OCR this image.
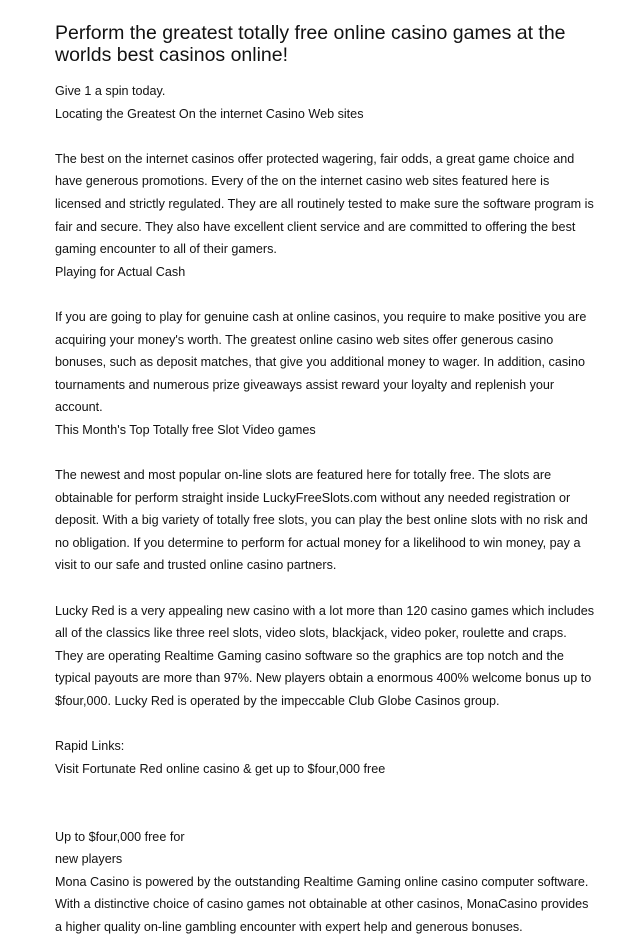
Perform the greatest totally free online casino games at the worlds best casinos online!

Give 1 a spin today.

Locating the Greatest On the internet Casino Web sites

The best on the internet casinos offer protected wagering, fair odds, a great game choice and have generous promotions. Every of the on the internet casino web sites featured here is licensed and strictly regulated. They are all routinely tested to make sure the software program is fair and secure. They also have excellent client service and are committed to offering the best gaming encounter to all of their gamers.

Playing for Actual Cash

If you are going to play for genuine cash at online casinos, you require to make positive you are acquiring your money's worth. The greatest online casino web sites offer generous casino bonuses, such as deposit matches, that give you additional money to wager. In addition, casino tournaments and numerous prize giveaways assist reward your loyalty and replenish your account.

This Month's Top Totally free Slot Video games

The newest and most popular on-line slots are featured here for totally free. The slots are obtainable for perform straight inside LuckyFreeSlots.com without any needed registration or deposit. With a big variety of totally free slots, you can play the best online slots with no risk and no obligation. If you determine to perform for actual money for a likelihood to win money, pay a visit to our safe and trusted online casino partners.

Lucky Red is a very appealing new casino with a lot more than 120 casino games which includes all of the classics like three reel slots, video slots, blackjack, video poker, roulette and craps. They are operating Realtime Gaming casino software so the graphics are top notch and the typical payouts are more than 97%. New players obtain a enormous 400% welcome bonus up to $four,000. Lucky Red is operated by the impeccable Club Globe Casinos group.

Rapid Links:

Visit Fortunate Red online casino & get up to $four,000 free

Up to $four,000 free for

new players

Mona Casino is powered by the outstanding Realtime Gaming online casino computer software. With a distinctive choice of casino games not obtainable at other casinos, MonaCasino provides a higher quality on-line gambling encounter with expert help and generous bonuses.
